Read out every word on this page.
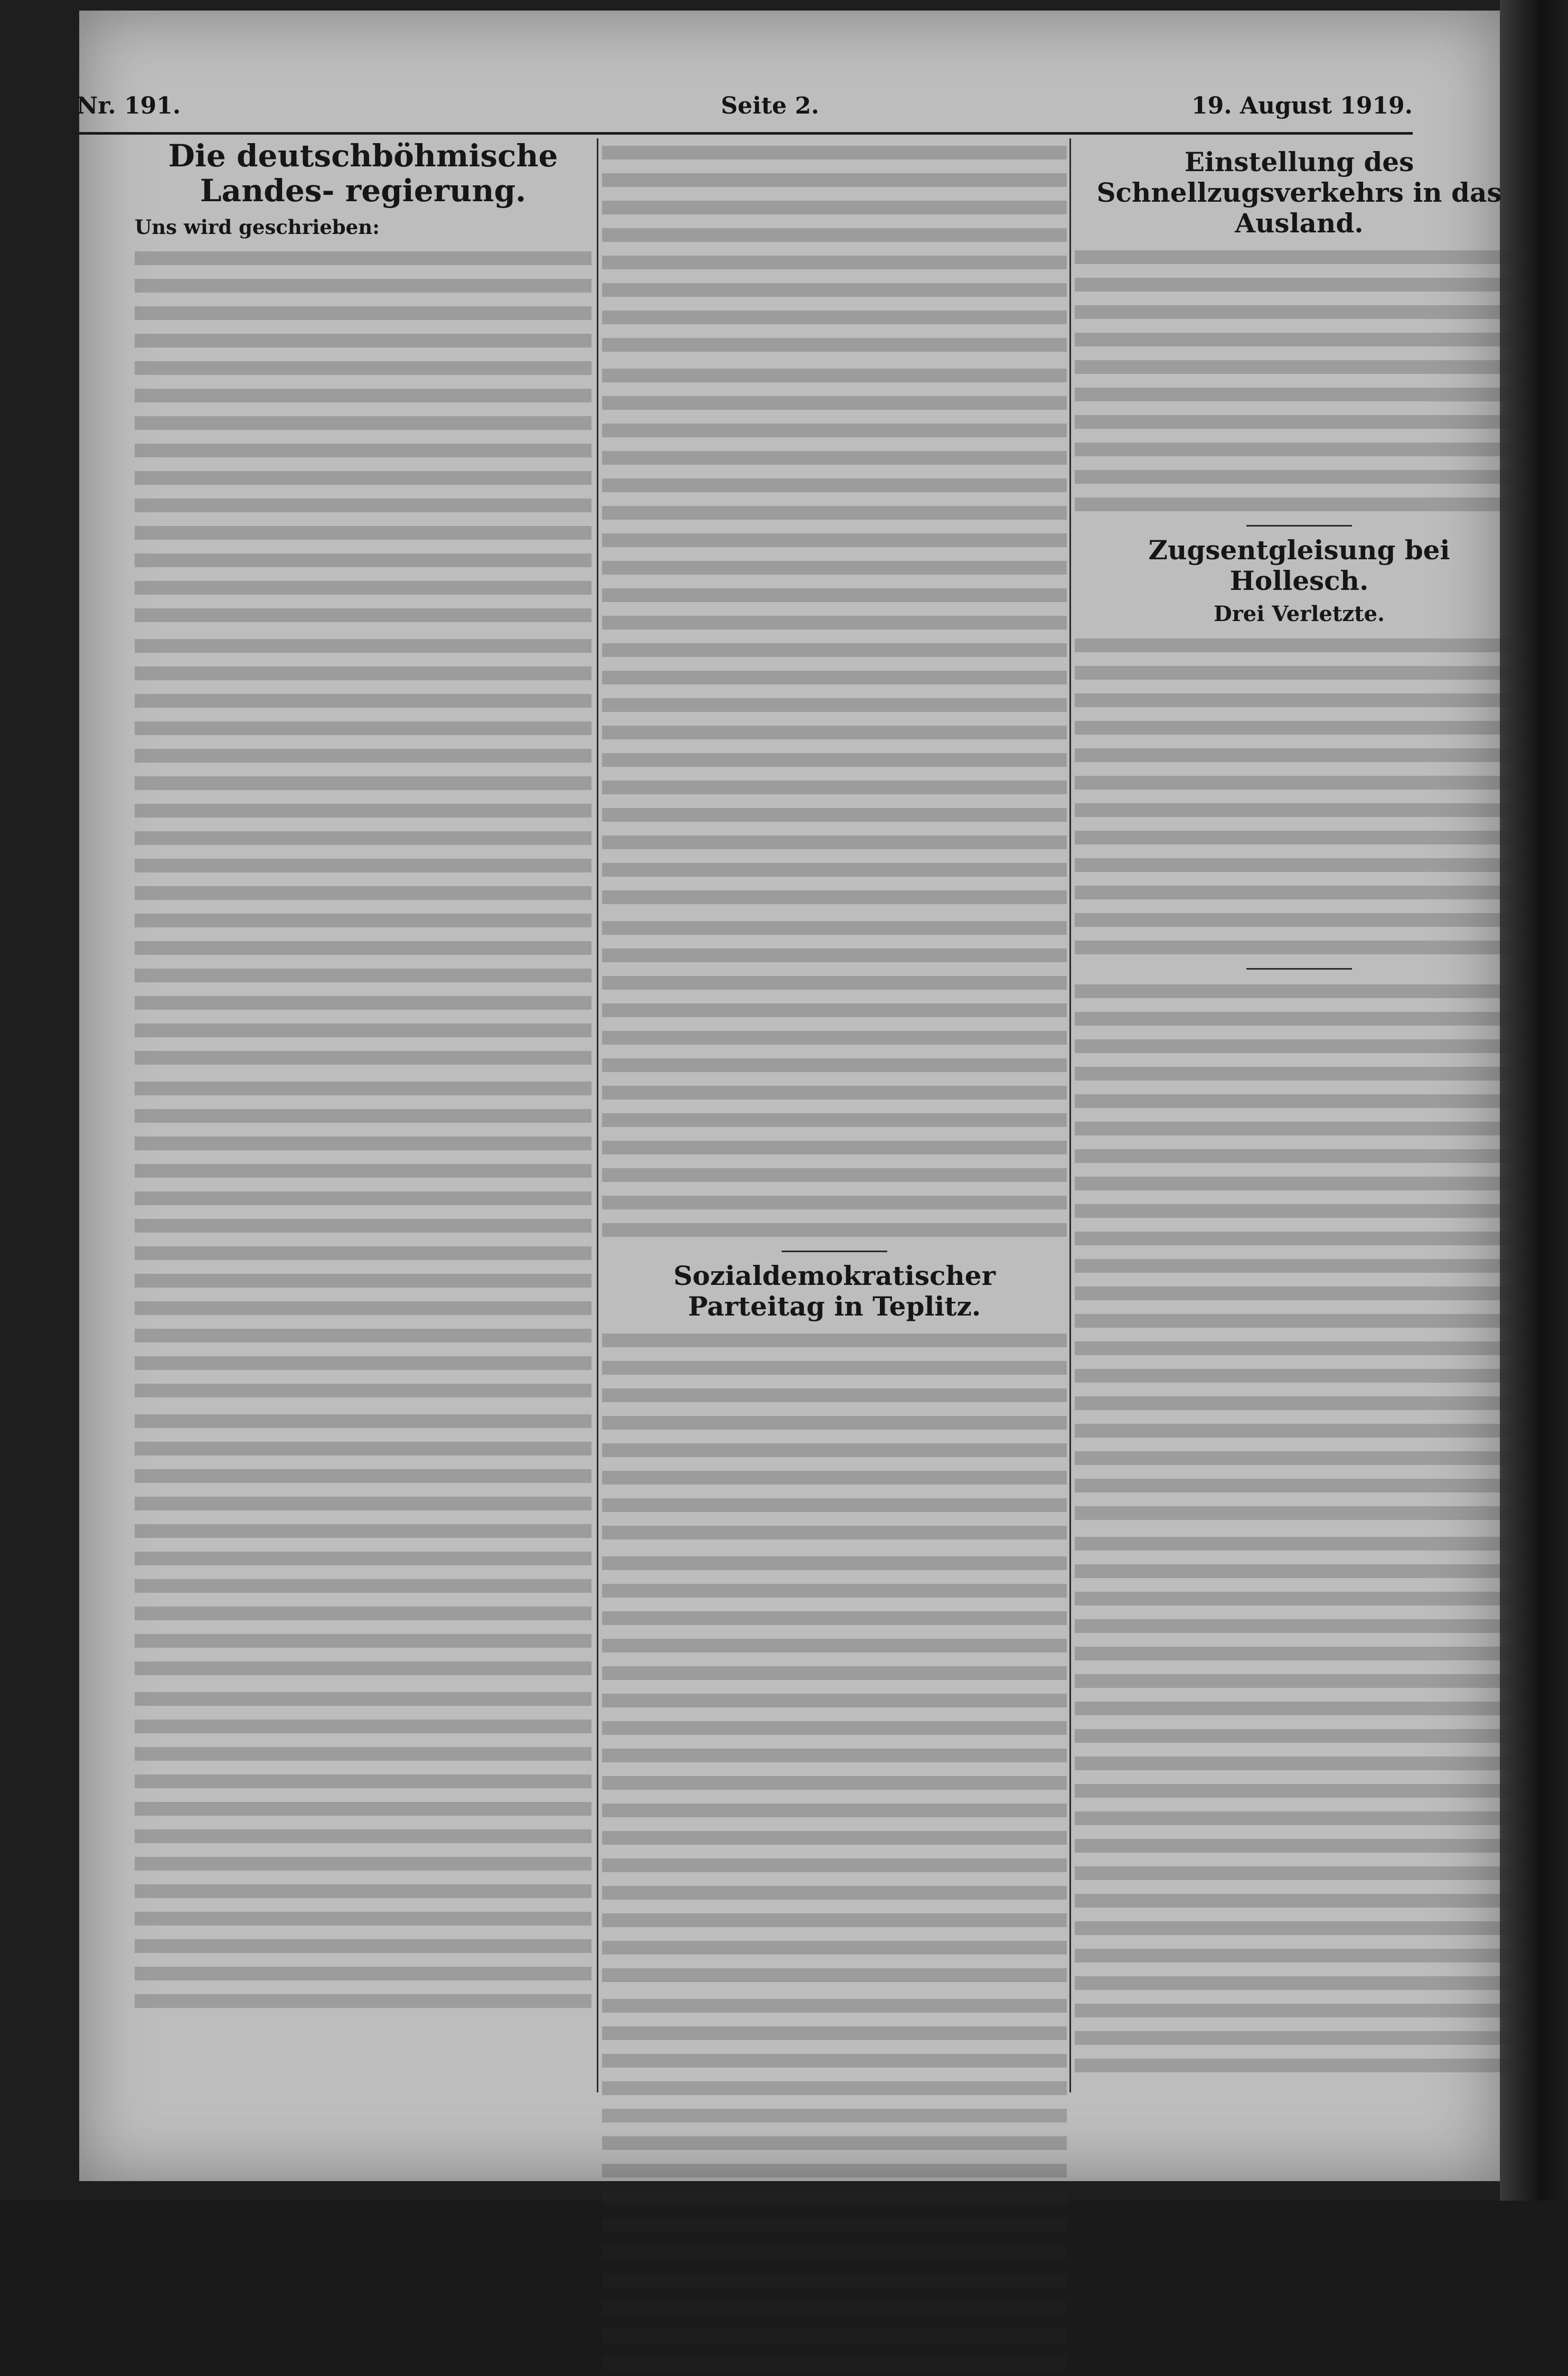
Nr. 191.	Seite 2.	19. August 1919.
Die deutschböhmische Landes- regierung.

Uns wird geschrieben:

Sozialdemokratischer Parteitag in Teplitz.

Einstellung des Schnellzugsverkehrs in das Ausland.

Zugsentgleisung bei Hollesch.
Drei Verletzte.
